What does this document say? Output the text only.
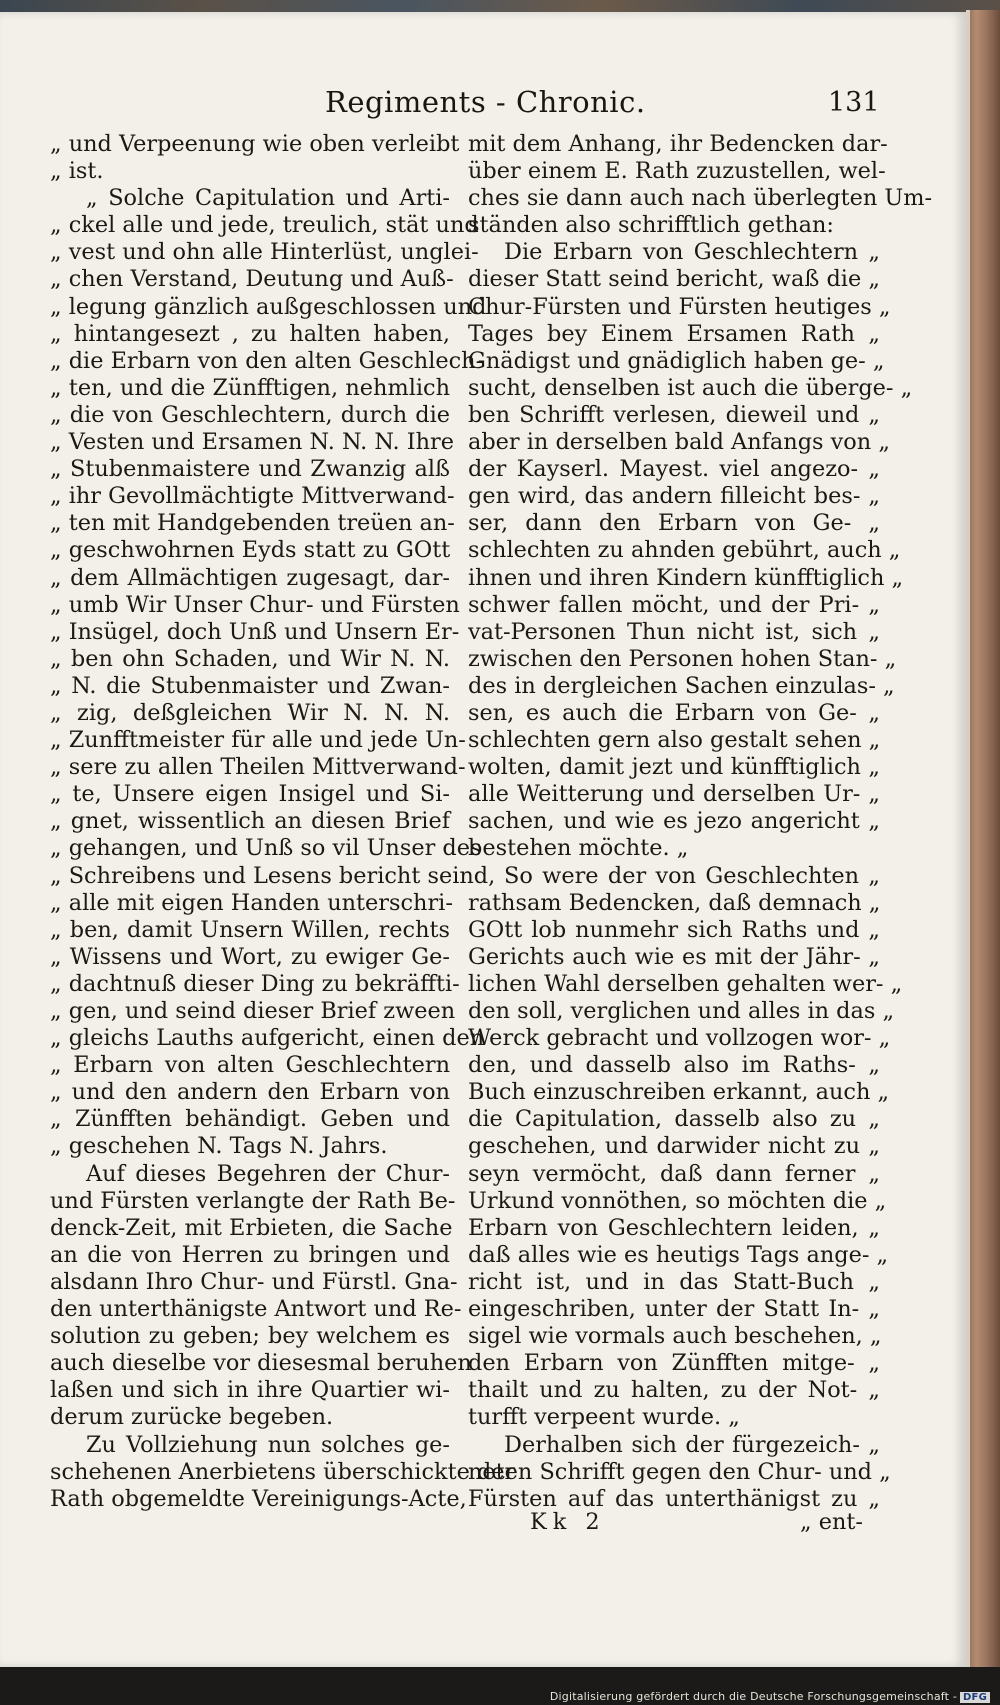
Regiments - Chronic.	131
„ und Verpeenung wie oben verleibt
„ ist.
„ Solche Capitulation und Arti-
„ ckel alle und jede, treulich, stät und
„ vest und ohn alle Hinterlüst, unglei-
„ chen Verstand, Deutung und Auß-
„ legung gänzlich außgeschlossen und
„ hintangesezt , zu halten haben,
„ die Erbarn von den alten Geschlech-
„ ten, und die Zünfftigen, nehmlich
„ die von Geschlechtern, durch die
„ Vesten und Ersamen N. N. N. Ihre
„ Stubenmaistere und Zwanzig alß
„ ihr Gevollmächtigte Mittverwand-
„ ten mit Handgebenden treüen an-
„ geschwohrnen Eyds statt zu GOtt
„ dem Allmächtigen zugesagt, dar-
„ umb Wir Unser Chur- und Fürsten
„ Insügel, doch Unß und Unsern Er-
„ ben ohn Schaden, und Wir N. N.
„ N. die Stubenmaister und Zwan-
„ zig, deßgleichen Wir N. N. N.
„ Zunfftmeister für alle und jede Un-
„ sere zu allen Theilen Mittverwand-
„ te, Unsere eigen Insigel und Si-
„ gnet, wissentlich an diesen Brief
„ gehangen, und Unß so vil Unser des
„ Schreibens und Lesens bericht seind,
„ alle mit eigen Handen unterschri-
„ ben, damit Unsern Willen, rechts
„ Wissens und Wort, zu ewiger Ge-
„ dachtnuß dieser Ding zu bekräffti-
„ gen, und seind dieser Brief zween
„ gleichs Lauths aufgericht, einen den
„ Erbarn von alten Geschlechtern
„ und den andern den Erbarn von
„ Zünfften behändigt. Geben und
„ geschehen N. Tags N. Jahrs.
Auf dieses Begehren der Chur-
und Fürsten verlangte der Rath Be-
denck-Zeit, mit Erbieten, die Sache
an die von Herren zu bringen und
alsdann Ihro Chur- und Fürstl. Gna-
den unterthänigste Antwort und Re-
solution zu geben; bey welchem es
auch dieselbe vor diesesmal beruhen
laßen und sich in ihre Quartier wi-
derum zurücke begeben.
Zu Vollziehung nun solches ge-
schehenen Anerbietens überschickte der
Rath obgemeldte Vereinigungs-Acte,
mit dem Anhang, ihr Bedencken dar-
über einem E. Rath zuzustellen, wel-
ches sie dann auch nach überlegten Um-
ständen also schrifftlich gethan:
Die Erbarn von Geschlechtern „
dieser Statt seind bericht, waß die „
Chur-Fürsten und Fürsten heutiges „
Tages bey Einem Ersamen Rath „
Gnädigst und gnädiglich haben ge- „
sucht, denselben ist auch die überge- „
ben Schrifft verlesen, dieweil und „
aber in derselben bald Anfangs von „
der Kayserl. Mayest. viel angezo- „
gen wird, das andern filleicht bes- „
ser, dann den Erbarn von Ge- „
schlechten zu ahnden gebührt, auch „
ihnen und ihren Kindern künfftiglich „
schwer fallen möcht, und der Pri- „
vat-Personen Thun nicht ist, sich „
zwischen den Personen hohen Stan- „
des in dergleichen Sachen einzulas- „
sen, es auch die Erbarn von Ge- „
schlechten gern also gestalt sehen „
wolten, damit jezt und künfftiglich „
alle Weitterung und derselben Ur- „
sachen, und wie es jezo angericht „
bestehen möchte. „
So were der von Geschlechten „
rathsam Bedencken, daß demnach „
GOtt lob nunmehr sich Raths und „
Gerichts auch wie es mit der Jähr- „
lichen Wahl derselben gehalten wer- „
den soll, verglichen und alles in das „
Werck gebracht und vollzogen wor- „
den, und dasselb also im Raths- „
Buch einzuschreiben erkannt, auch „
die Capitulation, dasselb also zu „
geschehen, und darwider nicht zu „
seyn vermöcht, daß dann ferner „
Urkund vonnöthen, so möchten die „
Erbarn von Geschlechtern leiden, „
daß alles wie es heutigs Tags ange- „
richt ist, und in das Statt-Buch „
eingeschriben, unter der Statt In- „
sigel wie vormals auch beschehen, „
den Erbarn von Zünfften mitge- „
thailt und zu halten, zu der Not- „
turfft verpeent wurde. „
Derhalben sich der fürgezeich- „
neten Schrifft gegen den Chur- und „
Fürsten auf das unterthänigst zu „
Kk 2	„ ent-
Digitalisierung gefördert durch die Deutsche Forschungsgemeinschaft - DFG
